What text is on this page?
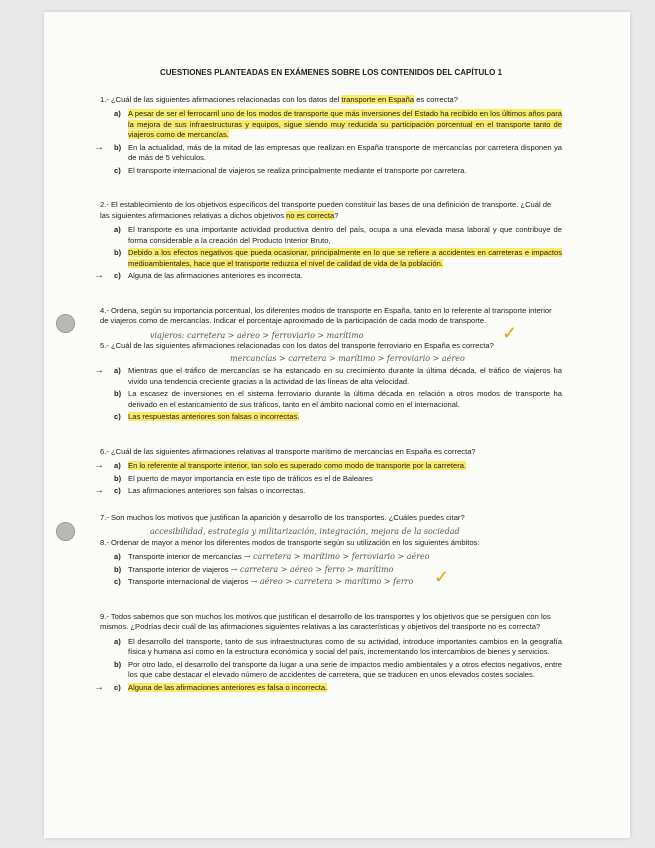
CUESTIONES PLANTEADAS EN EXÁMENES SOBRE LOS CONTENIDOS DEL CAPÍTULO 1
1.- ¿Cuál de las siguientes afirmaciones relacionadas con los datos del transporte en España es correcta?
a) A pesar de ser el ferrocarril uno de los modos de transporte que más inversiones del Estado ha recibido en los últimos años para la mejora de sus infraestructuras y equipos, sigue siendo muy reducida su participación porcentual en el transporte tanto de viajeros como de mercancías.
→ b) En la actualidad, más de la mitad de las empresas que realizan en España transporte de mercancías por carretera disponen ya de más de 5 vehículos.
c) El transporte internacional de viajeros se realiza principalmente mediante el transporte por carretera.
2.- El establecimiento de los objetivos específicos del transporte pueden constituir las bases de una definición de transporte. ¿Cuál de las siguientes afirmaciones relativas a dichos objetivos no es correcta?
a) El transporte es una importante actividad productiva dentro del país, ocupa a una elevada masa laboral y que contribuye de forma considerable a la creación del Producto Interior Bruto,
b) Debido a los efectos negativos que pueda ocasionar, principalmente en lo que se refiere a accidentes en carreteras e impactos medioambientales, hace que el transporte reduzca el nivel de calidad de vida de la población.
→ c) Alguna de las afirmaciones anteriores es incorrecta.
4.- Ordena, según su importancia porcentual, los diferentes modos de transporte en España, tanto en lo referente al transporte interior de viajeros como de mercancías. Indicar el porcentaje aproximado de la participación de cada modo de transporte.
viajeros: carretera > aéreo > ferroviario > marítimo	✓
5.- ¿Cuál de las siguientes afirmaciones relacionadas con los datos del transporte ferroviario en España es correcta?
mercancías > carretera > marítimo > ferroviario > aéreo
→ a) Mientras que el tráfico de mercancías se ha estancado en su crecimiento durante la última década, el tráfico de viajeros ha vivido una tendencia creciente gracias a la actividad de las líneas de alta velocidad.
b) La escasez de inversiones en el sistema ferroviario durante la última década en relación a otros modos de transporte ha derivado en el estancamiento de sus tráficos, tanto en el ámbito nacional como en el internacional.
c) Las respuestas anteriores son falsas o incorrectas.
6.- ¿Cuál de las siguientes afirmaciones relativas al transporte marítimo de mercancías en España es correcta?
→ a) En lo referente al transporte interior, tan solo es superado como modo de transporte por la carretera.
b) El puerto de mayor importancia en este tipo de tráficos es el de Baleares
→ c) Las afirmaciones anteriores son falsas o incorrectas.
7.- Son muchos los motivos que justifican la aparición y desarrollo de los transportes. ¿Cuáles puedes citar?
accesibilidad, estrategia y militarización, integración, mejora de la sociedad
8.- Ordenar de mayor a menor los diferentes modos de transporte según su utilización en los siguientes ámbitos:
a) Transporte interior de mercancías → carretera > marítimo > ferroviario > aéreo
b) Transporte interior de viajeros → carretera > aéreo > ferro > marítimo
c) Transporte internacional de viajeros → aéreo > carretera > marítimo > ferro	✓
9.- Todos sabemos que son muchos los motivos que justifican el desarrollo de los transportes y los objetivos que se persiguen con los mismos. ¿Podrías decir cuál de las afirmaciones siguientes relativas a las características y objetivos del transporte no es correcta?
a) El desarrollo del transporte, tanto de sus infraestructuras como de su actividad, introduce importantes cambios en la geografía física y humana así como en la estructura económica y social del país, incrementando los intercambios de bienes y servicios.
b) Por otro lado, el desarrollo del transporte da lugar a una serie de impactos medio ambientales y a otros efectos negativos, entre los que cabe destacar el elevado número de accidentes de carretera, que se traducen en unos elevados costes sociales.
→ c) Alguna de las afirmaciones anteriores es falsa o incorrecta.
